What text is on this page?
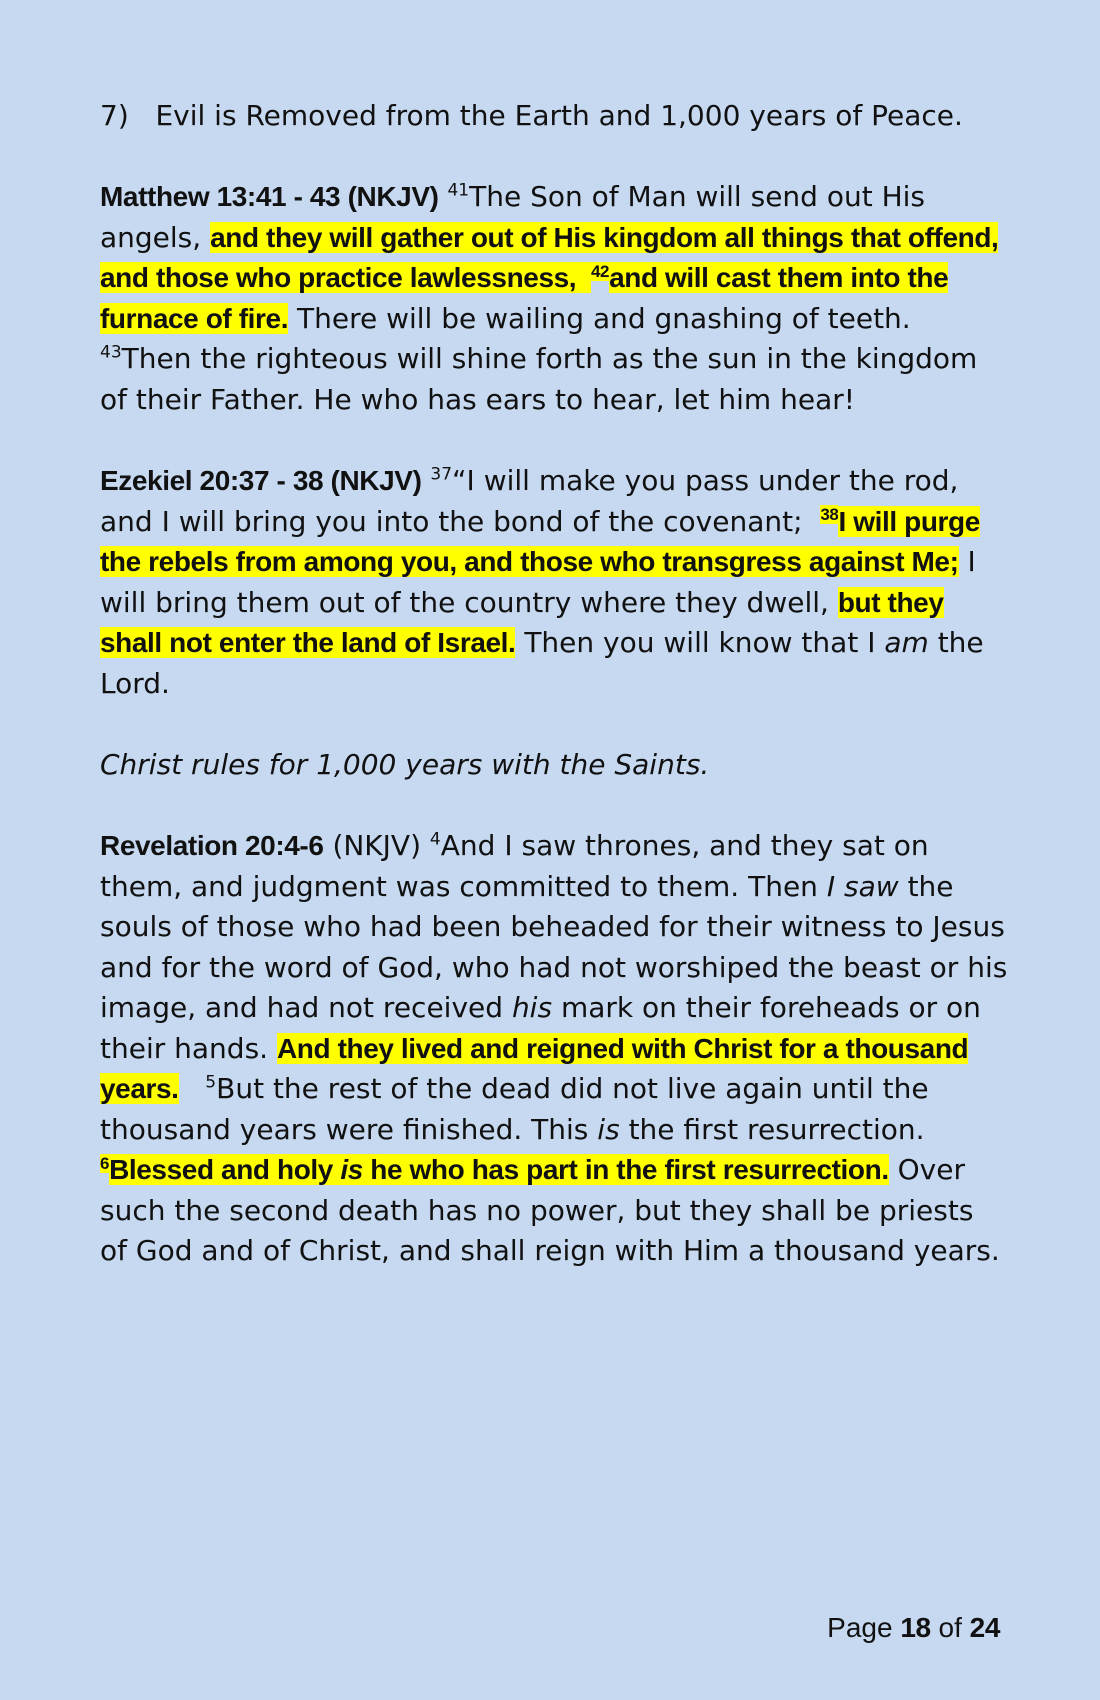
7) Evil is Removed from the Earth and 1,000 years of Peace.

Matthew 13:41 - 43 (NKJV) $^{41}$The Son of Man will send out His angels, and they will gather out of His kingdom all things that offend, and those who practice lawlessness, $^{42}$and will cast them into the furnace of fire. There will be wailing and gnashing of teeth.  $^{43}$Then the righteous will shine forth as the sun in the kingdom of their Father. He who has ears to hear, let him hear!

Ezekiel 20:37 - 38 (NKJV) $^{37}$“I will make you pass under the rod, and I will bring you into the bond of the covenant; $^{38}$I will purge the rebels from among you, and those who transgress against Me; I will bring them out of the country where they dwell, but they shall not enter the land of Israel. Then you will know that I am the Lord.

Christ rules for 1,000 years with the Saints.

Revelation 20:4-6 (NKJV) $^4$And I saw thrones, and they sat on them, and judgment was committed to them. Then I saw the souls of those who had been beheaded for their witness to Jesus and for the word of God, who had not worshiped the beast or his image, and had not received his mark on their foreheads or on their hands. And they lived and reigned with Christ for a thousand years. $^5$But the rest of the dead did not live again until the thousand years were finished. This is the first resurrection.  $^6$Blessed and holy is he who has part in the first resurrection. Over such the second death has no power, but they shall be priests of God and of Christ, and shall reign with Him a thousand years.

Page 18 of 24
